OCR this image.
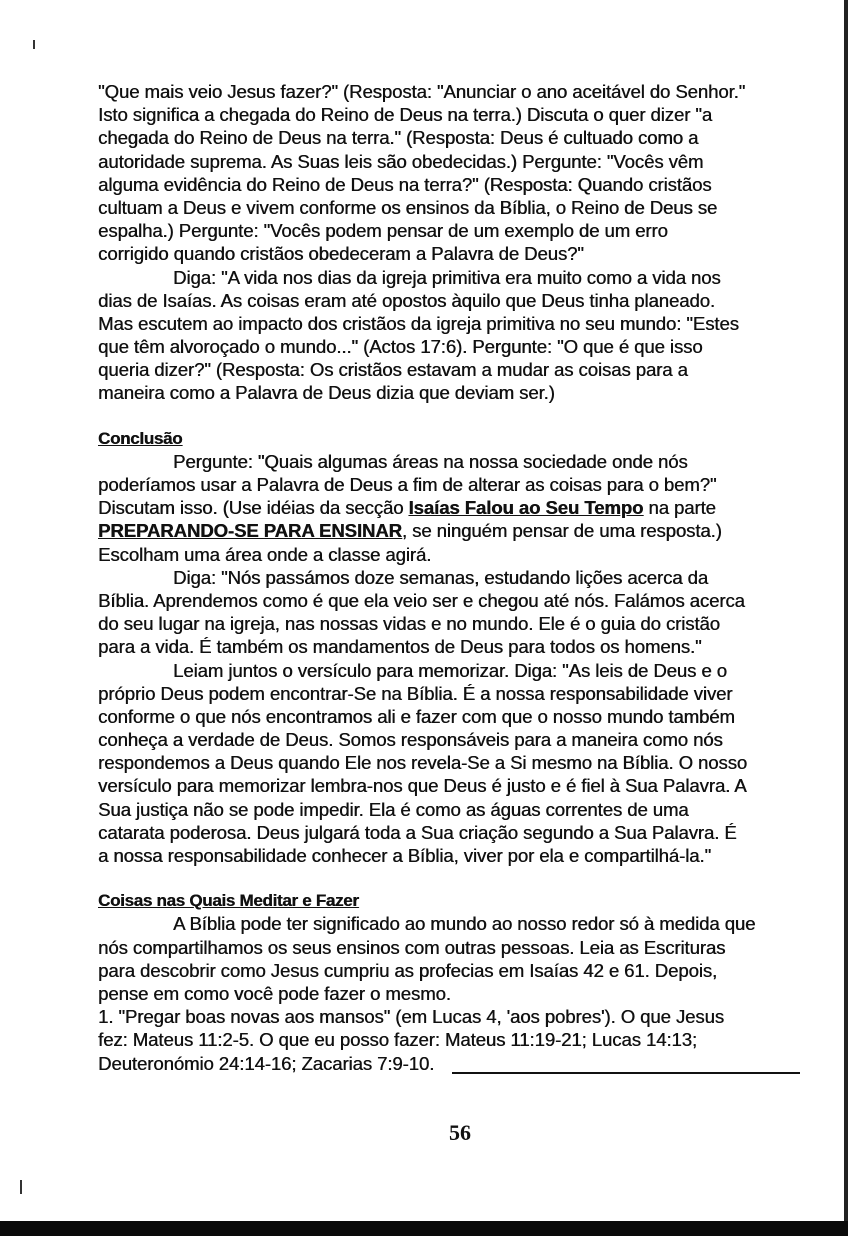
"Que mais veio Jesus fazer?" (Resposta: "Anunciar o ano aceitável do Senhor."
Isto significa a chegada do Reino de Deus na terra.) Discuta o quer dizer "a
chegada do Reino de Deus na terra." (Resposta: Deus é cultuado como a
autoridade suprema. As Suas leis são obedecidas.) Pergunte: "Vocês vêm
alguma evidência do Reino de Deus na terra?" (Resposta: Quando cristãos
cultuam a Deus e vivem conforme os ensinos da Bíblia, o Reino de Deus se
espalha.) Pergunte: "Vocês podem pensar de um exemplo de um erro
corrigido quando cristãos obedeceram a Palavra de Deus?"
Diga: "A vida nos dias da igreja primitiva era muito como a vida nos
dias de Isaías. As coisas eram até opostos àquilo que Deus tinha planeado.
Mas escutem ao impacto dos cristãos da igreja primitiva no seu mundo: "Estes
que têm alvoroçado o mundo..." (Actos 17:6). Pergunte: "O que é que isso
queria dizer?" (Resposta: Os cristãos estavam a mudar as coisas para a
maneira como a Palavra de Deus dizia que deviam ser.)
Conclusão
Pergunte: "Quais algumas áreas na nossa sociedade onde nós
poderíamos usar a Palavra de Deus a fim de alterar as coisas para o bem?"
Discutam isso. (Use idéias da secção Isaías Falou ao Seu Tempo na parte
PREPARANDO-SE PARA ENSINAR, se ninguém pensar de uma resposta.)
Escolham uma área onde a classe agirá.
Diga: "Nós passámos doze semanas, estudando lições acerca da
Bíblia. Aprendemos como é que ela veio ser e chegou até nós. Falámos acerca
do seu lugar na igreja, nas nossas vidas e no mundo. Ele é o guia do cristão
para a vida. É também os mandamentos de Deus para todos os homens."
Leiam juntos o versículo para memorizar. Diga: "As leis de Deus e o
próprio Deus podem encontrar-Se na Bíblia. É a nossa responsabilidade viver
conforme o que nós encontramos ali e fazer com que o nosso mundo também
conheça a verdade de Deus. Somos responsáveis para a maneira como nós
respondemos a Deus quando Ele nos revela-Se a Si mesmo na Bíblia. O nosso
versículo para memorizar lembra-nos que Deus é justo e é fiel à Sua Palavra. A
Sua justiça não se pode impedir. Ela é como as águas correntes de uma
catarata poderosa. Deus julgará toda a Sua criação segundo a Sua Palavra. É
a nossa responsabilidade conhecer a Bíblia, viver por ela e compartilhá-la."
Coisas nas Quais Meditar e Fazer
A Bíblia pode ter significado ao mundo ao nosso redor só à medida que
nós compartilhamos os seus ensinos com outras pessoas. Leia as Escrituras
para descobrir como Jesus cumpriu as profecias em Isaías 42 e 61. Depois,
pense em como você pode fazer o mesmo.
1. "Pregar boas novas aos mansos" (em Lucas 4, 'aos pobres'). O que Jesus
fez: Mateus 11:2-5. O que eu posso fazer: Mateus 11:19-21; Lucas 14:13;
Deuteronómio 24:14-16; Zacarias 7:9-10.
56
